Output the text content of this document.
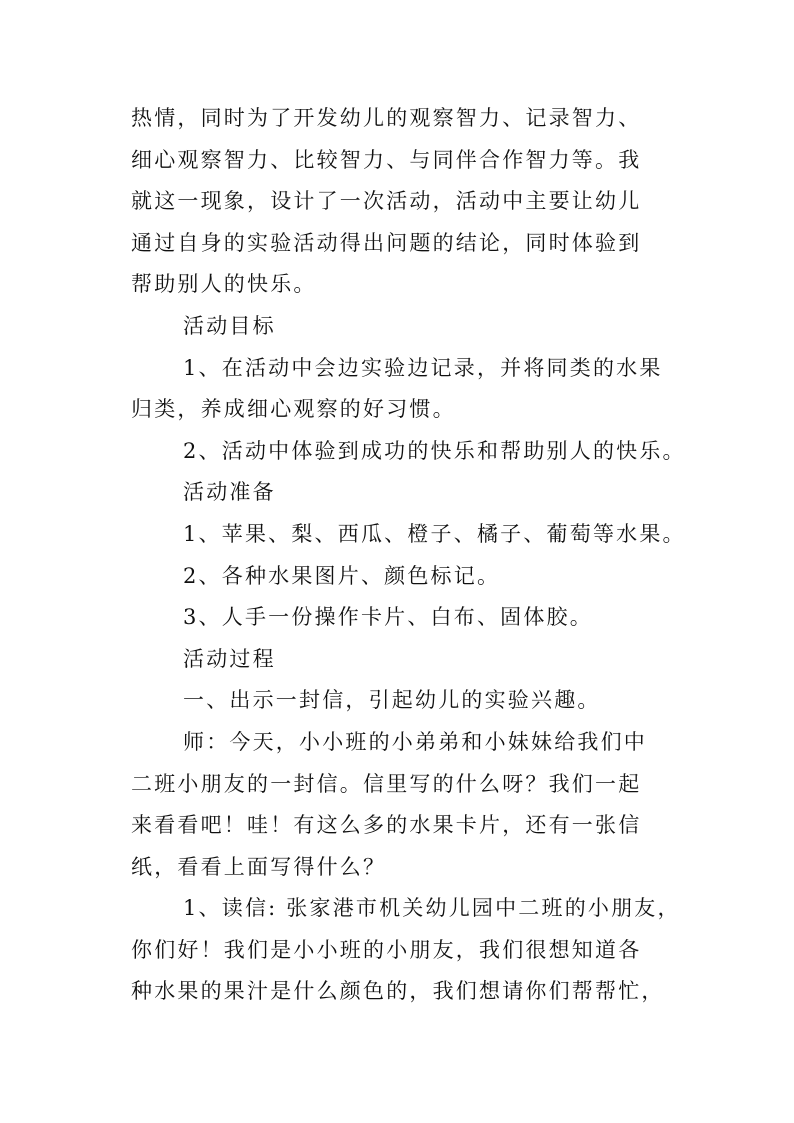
热情，同时为了开发幼儿的观察智力、记录智力、
细心观察智力、比较智力、与同伴合作智力等。我
就这一现象，设计了一次活动，活动中主要让幼儿
通过自身的实验活动得出问题的结论，同时体验到
帮助别人的快乐。
活动目标
1、在活动中会边实验边记录，并将同类的水果
归类，养成细心观察的好习惯。
2、活动中体验到成功的快乐和帮助别人的快乐。
活动准备
1、苹果、梨、西瓜、橙子、橘子、葡萄等水果。
2、各种水果图片、颜色标记。
3、人手一份操作卡片、白布、固体胶。
活动过程
一、出示一封信，引起幼儿的实验兴趣。
师：今天，小小班的小弟弟和小妹妹给我们中
二班小朋友的一封信。信里写的什么呀？我们一起
来看看吧！哇！有这么多的水果卡片，还有一张信
纸，看看上面写得什么？
1、读信: 张家港市机关幼儿园中二班的小朋友，
你们好！我们是小小班的小朋友，我们很想知道各
种水果的果汁是什么颜色的，我们想请你们帮帮忙，
